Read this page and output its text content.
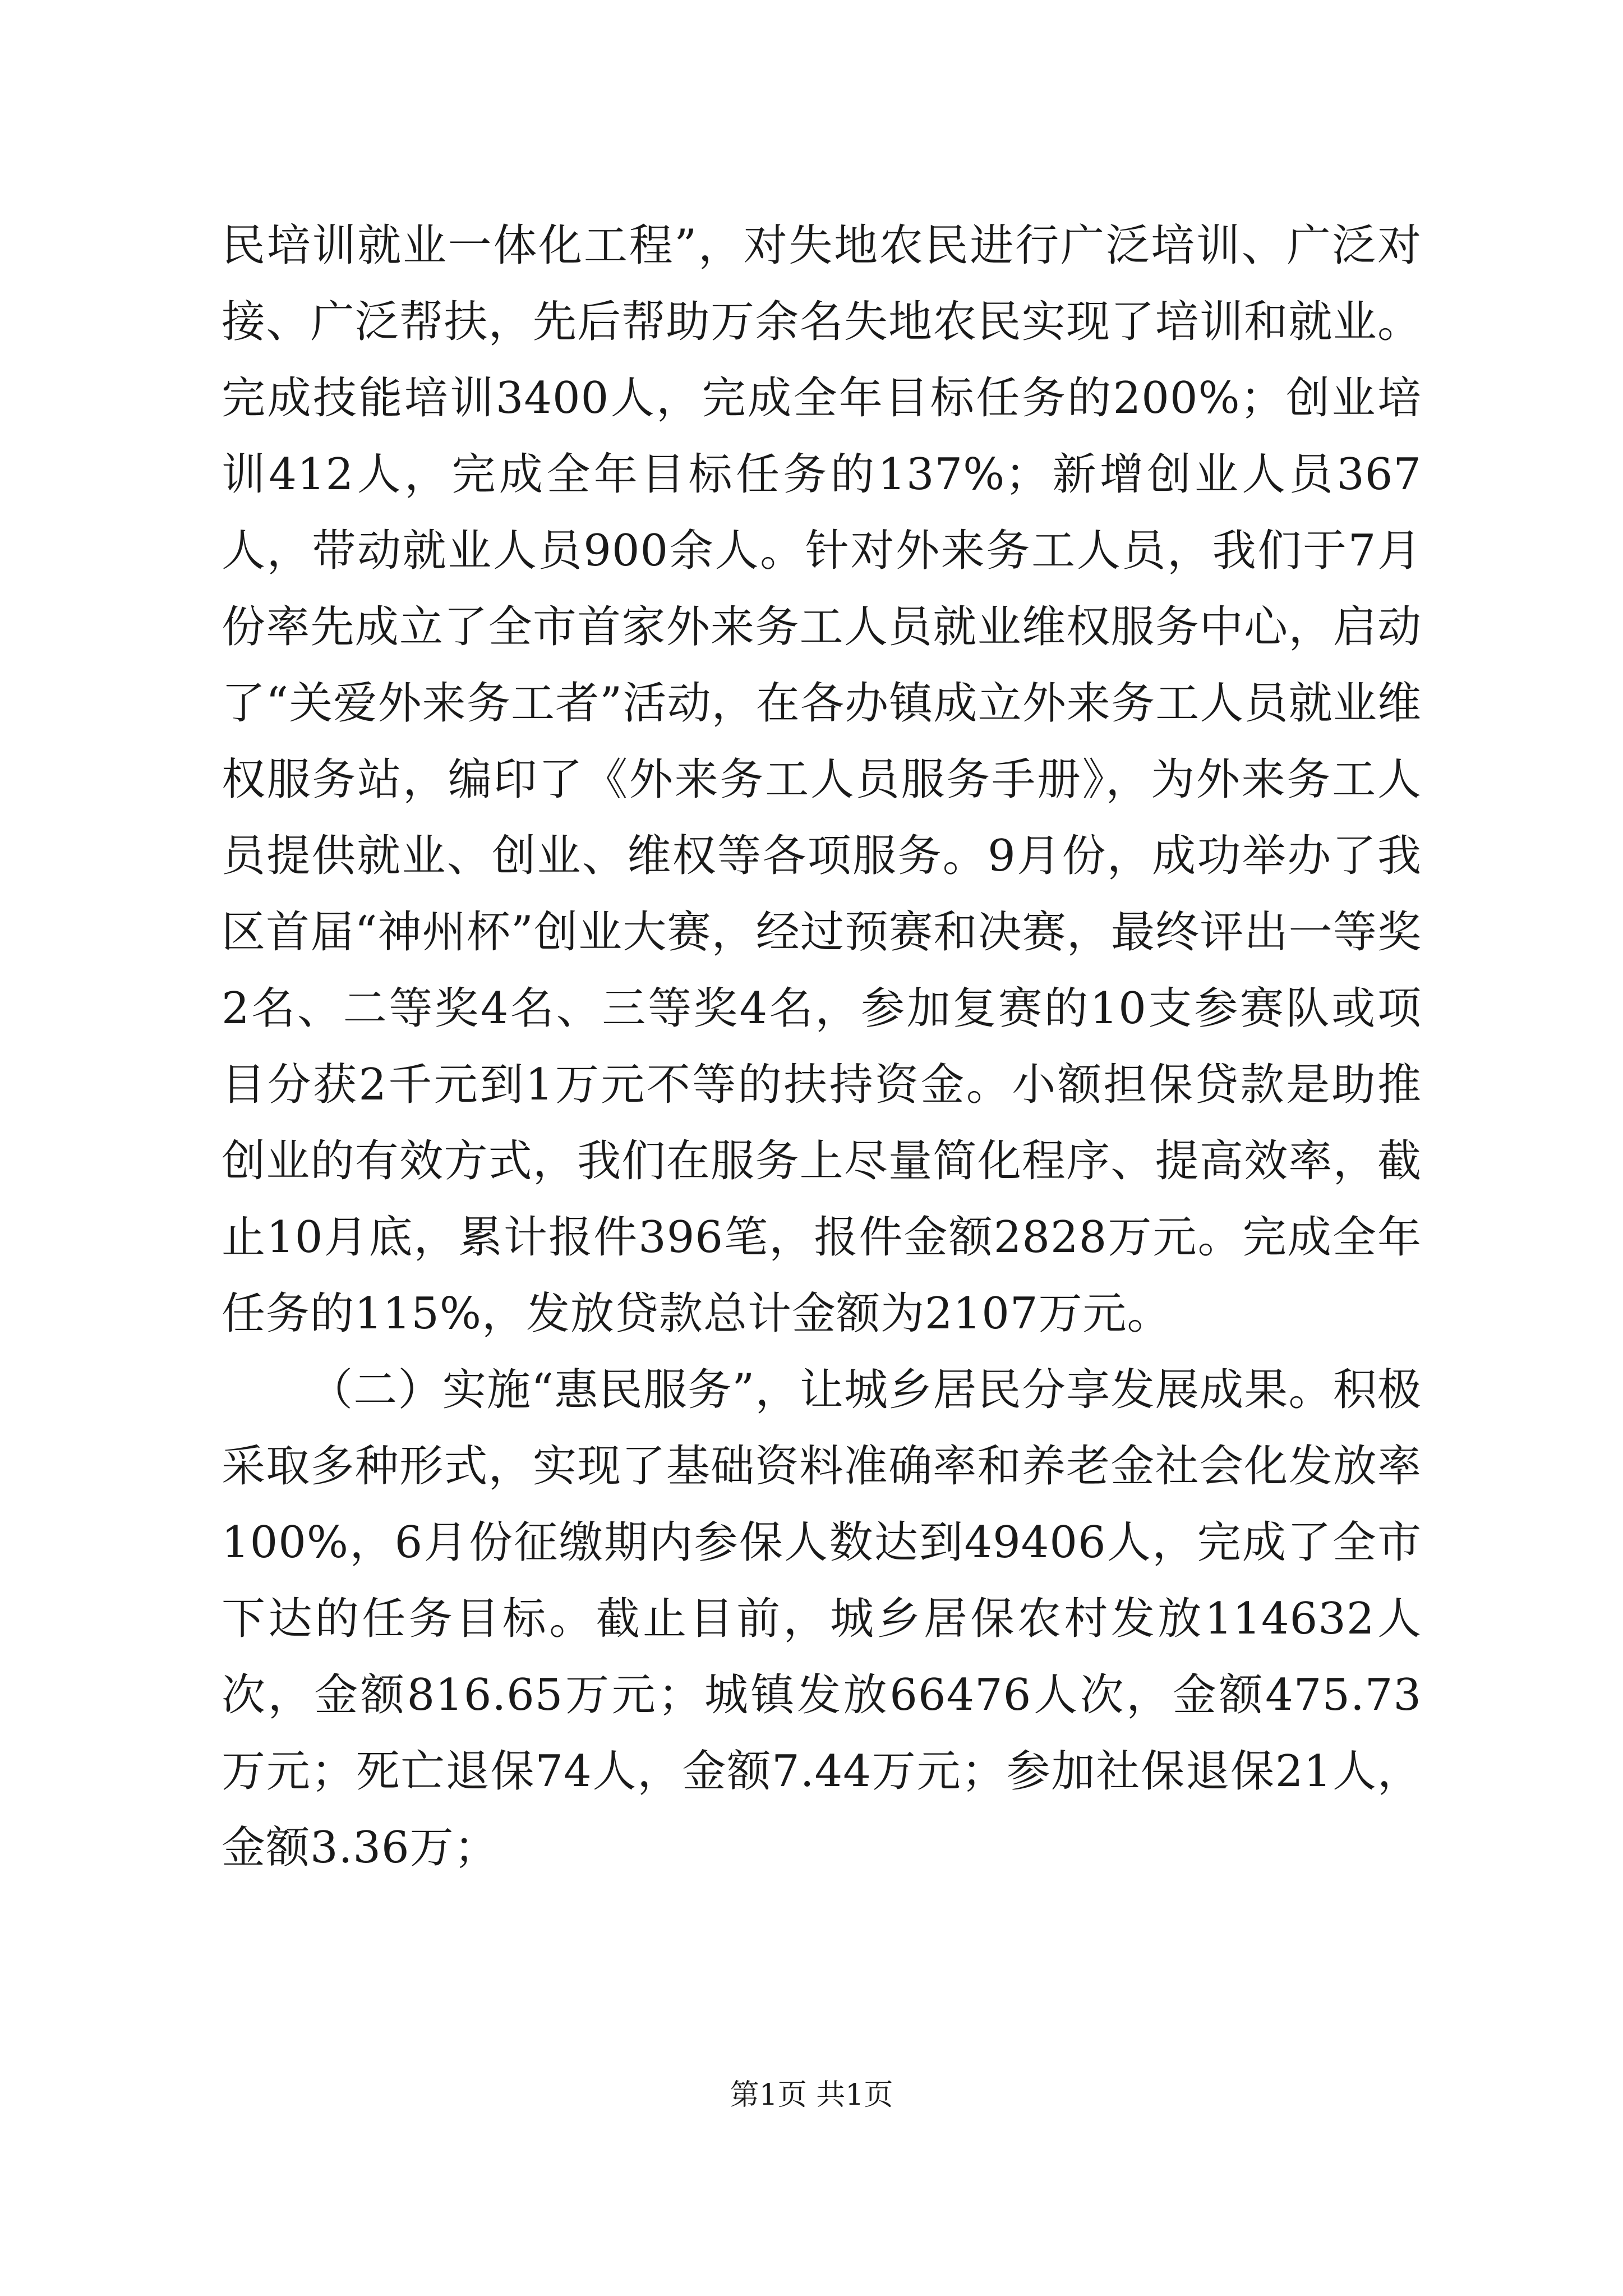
民培训就业一体化工程”，对失地农民进行广泛培训、广泛对接、广泛帮扶，先后帮助万余名失地农民实现了培训和就业。完成技能培训3400人，完成全年目标任务的200%；创业培训412人，完成全年目标任务的137%；新增创业人员367人，带动就业人员900余人。针对外来务工人员，我们于7月份率先成立了全市首家外来务工人员就业维权服务中心，启动了“关爱外来务工者”活动，在各办镇成立外来务工人员就业维权服务站，编印了《外来务工人员服务手册》，为外来务工人员提供就业、创业、维权等各项服务。9月份，成功举办了我区首届“神州杯”创业大赛，经过预赛和决赛，最终评出一等奖2名、二等奖4名、三等奖4名，参加复赛的10支参赛队或项目分获2千元到1万元不等的扶持资金。小额担保贷款是助推创业的有效方式，我们在服务上尽量简化程序、提高效率，截止10月底，累计报件396笔，报件金额2828万元。完成全年任务的115%，发放贷款总计金额为2107万元。

（二）实施“惠民服务”，让城乡居民分享发展成果。积极采取多种形式，实现了基础资料准确率和养老金社会化发放率100%，6月份征缴期内参保人数达到49406人，完成了全市下达的任务目标。截止目前，城乡居保农村发放114632人次，金额816.65万元；城镇发放66476人次，金额475.73万元；死亡退保74人，金额7.44万元；参加社保退保21人，金额3.36万；

第1页 共1页
